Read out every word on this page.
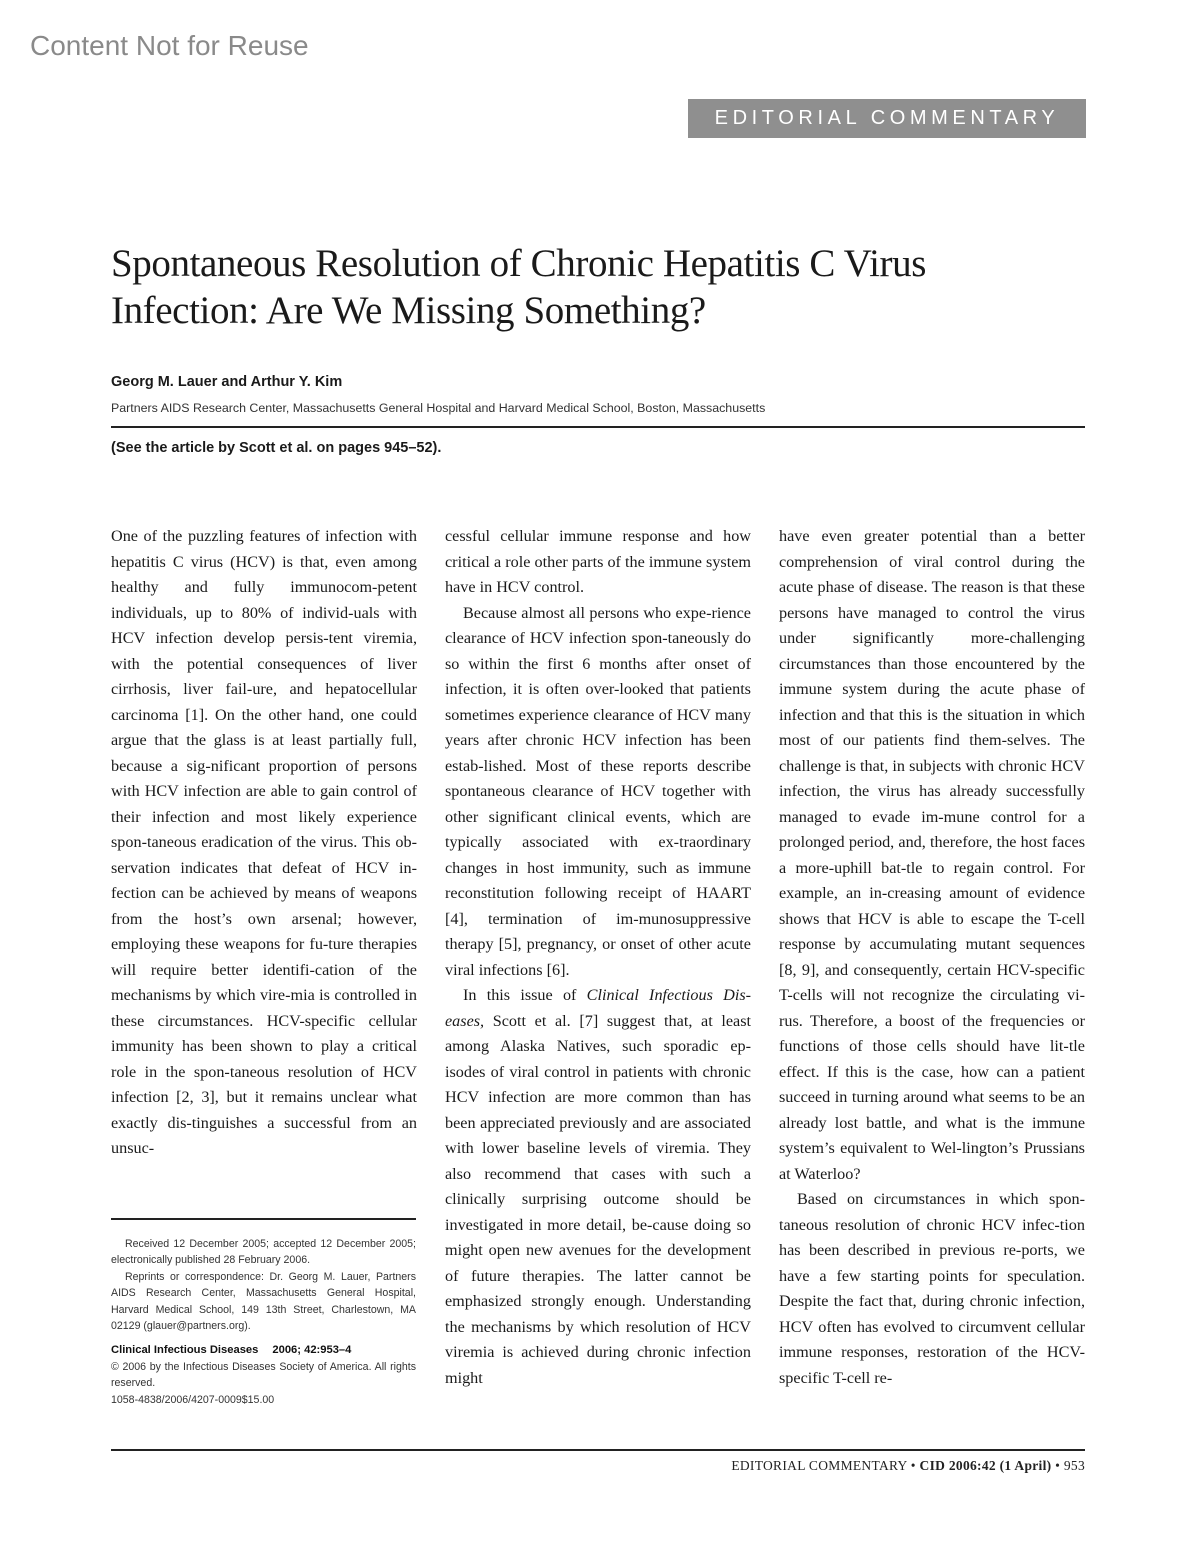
Content Not for Reuse
EDITORIAL COMMENTARY
Spontaneous Resolution of Chronic Hepatitis C Virus
Infection: Are We Missing Something?
Georg M. Lauer and Arthur Y. Kim
Partners AIDS Research Center, Massachusetts General Hospital and Harvard Medical School, Boston, Massachusetts
(See the article by Scott et al. on pages 945–52).

One of the puzzling features of infection with hepatitis C virus (HCV) is that, even among healthy and fully immunocom-petent individuals, up to 80% of individ-uals with HCV infection develop persis-tent viremia, with the potential consequences of liver cirrhosis, liver fail-ure, and hepatocellular carcinoma [1]. On the other hand, one could argue that the glass is at least partially full, because a sig-nificant proportion of persons with HCV infection are able to gain control of their infection and most likely experience spon-taneous eradication of the virus. This ob-servation indicates that defeat of HCV in-fection can be achieved by means of weapons from the host’s own arsenal; however, employing these weapons for fu-ture therapies will require better identifi-cation of the mechanisms by which vire-mia is controlled in these circumstances. HCV-specific cellular immunity has been shown to play a critical role in the spon-taneous resolution of HCV infection [2, 3], but it remains unclear what exactly dis-tinguishes a successful from an unsuc-

Received 12 December 2005; accepted 12 December 2005; electronically published 28 February 2006.

Reprints or correspondence: Dr. Georg M. Lauer, Partners AIDS Research Center, Massachusetts General Hospital, Harvard Medical School, 149 13th Street, Charlestown, MA 02129 (glauer@partners.org).

Clinical Infectious Diseases 2006; 42:953–4

© 2006 by the Infectious Diseases Society of America. All rights reserved.

1058-4838/2006/4207-0009$15.00

cessful cellular immune response and how critical a role other parts of the immune system have in HCV control.

Because almost all persons who expe-rience clearance of HCV infection spon-taneously do so within the first 6 months after onset of infection, it is often over-looked that patients sometimes experience clearance of HCV many years after chronic HCV infection has been estab-lished. Most of these reports describe spontaneous clearance of HCV together with other significant clinical events, which are typically associated with ex-traordinary changes in host immunity, such as immune reconstitution following receipt of HAART [4], termination of im-munosuppressive therapy [5], pregnancy, or onset of other acute viral infections [6].

In this issue of Clinical Infectious Dis-eases, Scott et al. [7] suggest that, at least among Alaska Natives, such sporadic ep-isodes of viral control in patients with chronic HCV infection are more common than has been appreciated previously and are associated with lower baseline levels of viremia. They also recommend that cases with such a clinically surprising outcome should be investigated in more detail, be-cause doing so might open new avenues for the development of future therapies. The latter cannot be emphasized strongly enough. Understanding the mechanisms by which resolution of HCV viremia is achieved during chronic infection might

have even greater potential than a better comprehension of viral control during the acute phase of disease. The reason is that these persons have managed to control the virus under significantly more-challenging circumstances than those encountered by the immune system during the acute phase of infection and that this is the situation in which most of our patients find them-selves. The challenge is that, in subjects with chronic HCV infection, the virus has already successfully managed to evade im-mune control for a prolonged period, and, therefore, the host faces a more-uphill bat-tle to regain control. For example, an in-creasing amount of evidence shows that HCV is able to escape the T-cell response by accumulating mutant sequences [8, 9], and consequently, certain HCV-specific T-cells will not recognize the circulating vi-rus. Therefore, a boost of the frequencies or functions of those cells should have lit-tle effect. If this is the case, how can a patient succeed in turning around what seems to be an already lost battle, and what is the immune system’s equivalent to Wel-lington’s Prussians at Waterloo?

Based on circumstances in which spon-taneous resolution of chronic HCV infec-tion has been described in previous re-ports, we have a few starting points for speculation. Despite the fact that, during chronic infection, HCV often has evolved to circumvent cellular immune responses, restoration of the HCV-specific T-cell re-

EDITORIAL COMMENTARY • CID 2006:42 (1 April) • 953
